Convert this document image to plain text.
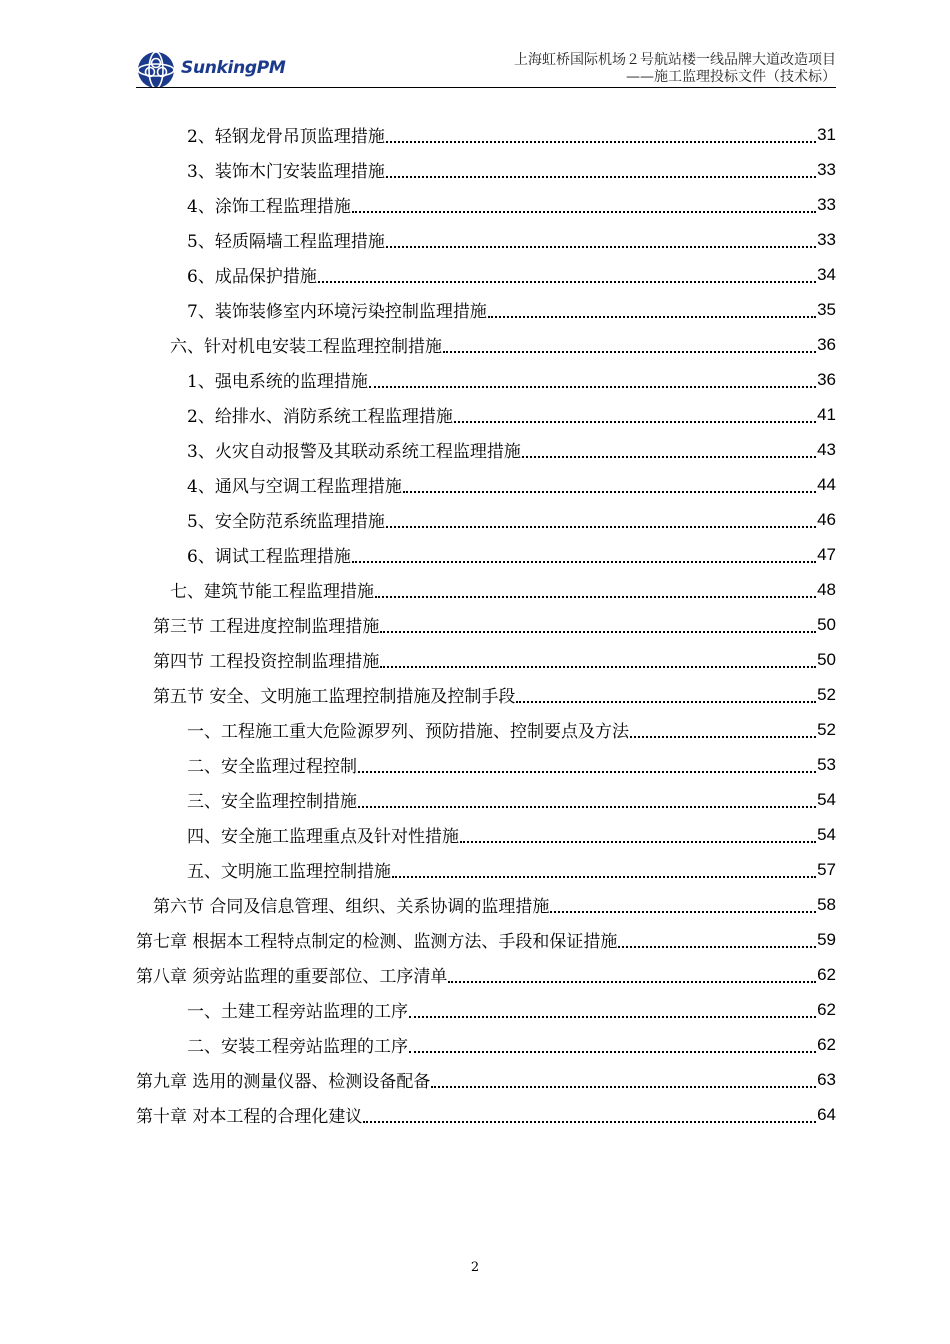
SunkingPM	上海虹桥国际机场２号航站楼一线品牌大道改造项目
——施工监理投标文件（技术标）
2、轻钢龙骨吊顶监理措施	31
3、装饰木门安装监理措施	33
4、涂饰工程监理措施	33
5、轻质隔墙工程监理措施	33
6、成品保护措施	34
7、装饰装修室内环境污染控制监理措施	35
六、针对机电安装工程监理控制措施	36
1、强电系统的监理措施	36
2、给排水、消防系统工程监理措施	41
3、火灾自动报警及其联动系统工程监理措施	43
4、通风与空调工程监理措施	44
5、安全防范系统监理措施	46
6、调试工程监理措施	47
七、建筑节能工程监理措施	48
第三节 工程进度控制监理措施	50
第四节 工程投资控制监理措施	50
第五节 安全、文明施工监理控制措施及控制手段	52
一、工程施工重大危险源罗列、预防措施、控制要点及方法	52
二、安全监理过程控制	53
三、安全监理控制措施	54
四、安全施工监理重点及针对性措施	54
五、文明施工监理控制措施	57
第六节 合同及信息管理、组织、关系协调的监理措施	58
第七章 根据本工程特点制定的检测、监测方法、手段和保证措施	59
第八章 须旁站监理的重要部位、工序清单	62
一、土建工程旁站监理的工序	62
二、安装工程旁站监理的工序	62
第九章 选用的测量仪器、检测设备配备	63
第十章 对本工程的合理化建议	64
2
